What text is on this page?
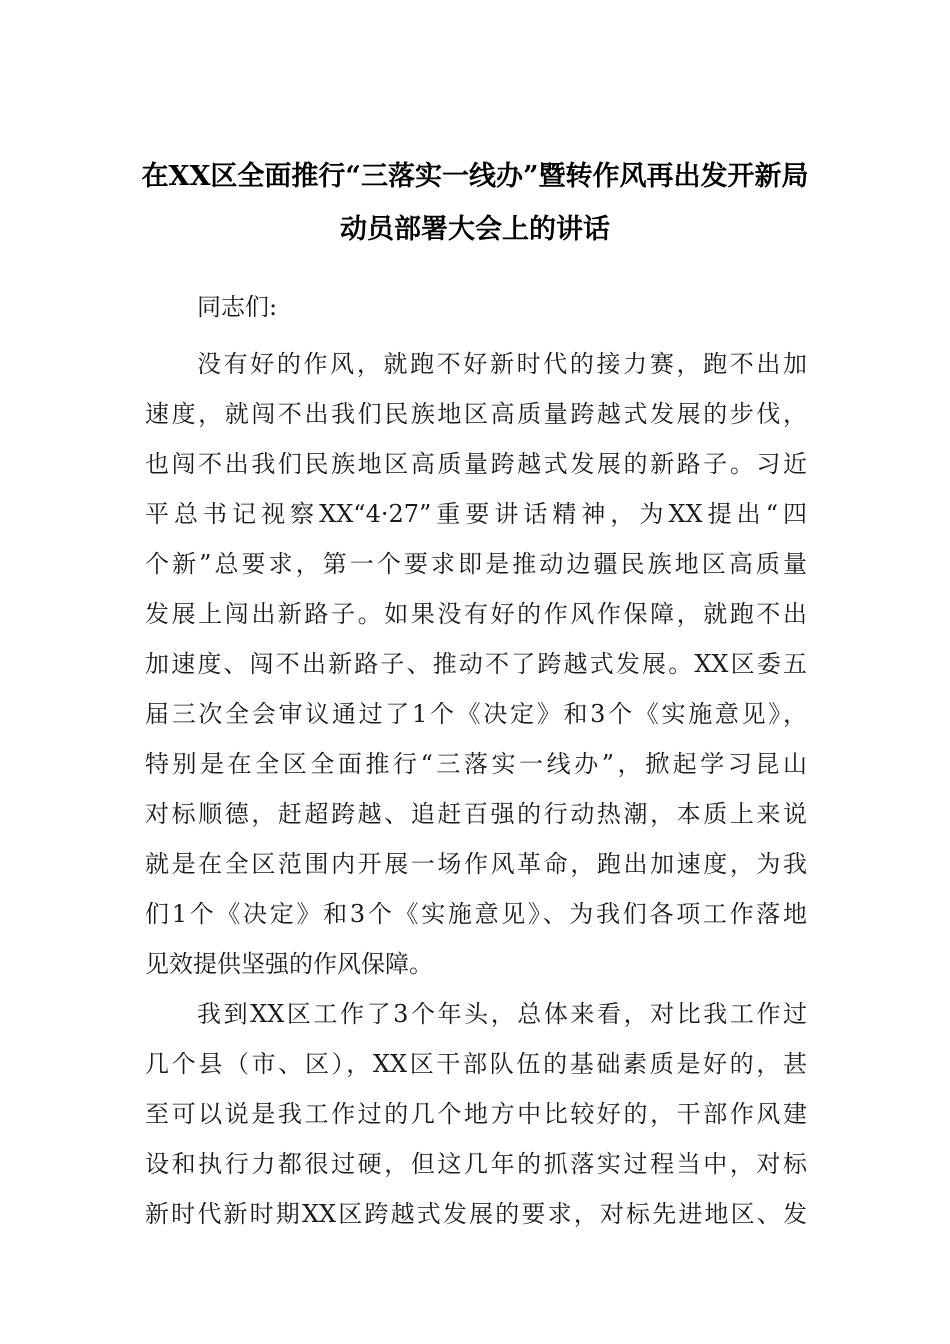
在XX区全面推行“三落实一线办”暨转作风再出发开新局
动员部署大会上的讲话
同志们:
没有好的作风，就跑不好新时代的接力赛，跑不出加
速度，就闯不出我们民族地区高质量跨越式发展的步伐，
也闯不出我们民族地区高质量跨越式发展的新路子。习近
平总书记视察XX“4·27”重要讲话精神，为XX提出“四
个新”总要求，第一个要求即是推动边疆民族地区高质量
发展上闯出新路子。如果没有好的作风作保障，就跑不出
加速度、闯不出新路子、推动不了跨越式发展。XX区委五
届三次全会审议通过了1个《决定》和3个《实施意见》，
特别是在全区全面推行“三落实一线办”，掀起学习昆山
对标顺德，赶超跨越、追赶百强的行动热潮，本质上来说
就是在全区范围内开展一场作风革命，跑出加速度，为我
们1个《决定》和3个《实施意见》、为我们各项工作落地
见效提供坚强的作风保障。
我到XX区工作了3个年头，总体来看，对比我工作过
几个县（市、区），XX区干部队伍的基础素质是好的，甚
至可以说是我工作过的几个地方中比较好的，干部作风建
设和执行力都很过硬，但这几年的抓落实过程当中，对标
新时代新时期XX区跨越式发展的要求，对标先进地区、发
